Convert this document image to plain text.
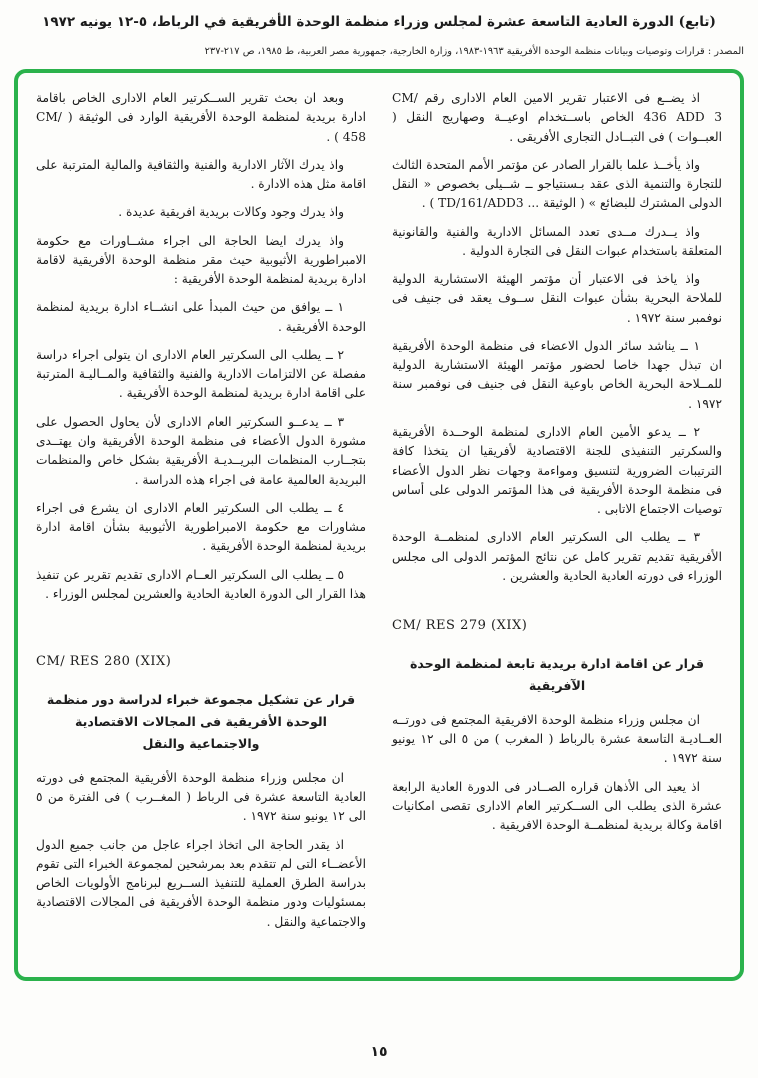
(تابع) الدورة العادية التاسعة عشرة لمجلس وزراء منظمة الوحدة الأفريقية في الرباط، ٥-١٢ يونيه ١٩٧٢
المصدر : قرارات وتوصيات وبيانات منظمة الوحدة الأفريقية ١٩٦٣-١٩٨٣، وزارة الخارجية، جمهورية مصر العربية، ط ١٩٨٥، ص ٢١٧-٢٣٧

اذ يضــع فى الاعتبار تقرير الامين العام الادارى رقم CM/ 436 ADD 3 الخاص باســتخدام اوعيــة وصهاريج النقل ( العبــوات ) فى التبــادل التجارى الأفريقى .

واذ يأخــذ علما بالقرار الصادر عن مؤتمر الأمم المتحدة الثالث للتجارة والتنمية الذى عقد بـسنتياجو ــ شــيلى بخصوص « النقل الدولى المشترك للبضائع » ( الوثيقة ... TD/161/ADD3 ) .

واذ يــدرك مــدى تعدد المسائل الادارية والفنية والقانونية المتعلقة باستخدام عبوات النقل فى التجارة الدولية .

واذ ياخذ فى الاعتبار أن مؤتمر الهيئة الاستشارية الدولية للملاحة البحرية بشأن عبوات النقل ســوف يعقد فى جنيف فى نوفمبر سنة ١٩٧٢ .

١ ــ يناشد سائر الدول الاعضاء فى منظمة الوحدة الأفريقية ان تبذل جهدا خاصا لحضور مؤتمر الهيئة الاستشارية الدولية للمــلاحة البحرية الخاص باوعية النقل فى جنيف فى نوفمبر سنة ١٩٧٢ .

٢ ــ يدعو الأمين العام الادارى لمنظمة الوحــدة الأفريقية والسكرتير التنفيذى للجنة الاقتصادية لأفريقيا ان يتخذا كافة الترتيبات الضرورية لتنسيق ومواءمة وجهات نظر الدول الأعضاء فى منظمة الوحدة الأفريقية فى هذا المؤتمر الدولى على أساس توصيات الاجتماع الاتابى .

٣ ــ يطلب الى السكرتير العام الادارى لمنظمــة الوحدة الأفريقية تقديم تقرير كامل عن نتائج المؤتمر الدولى الى مجلس الوزراء فى دورته العادية الحادية والعشرين .

CM/ RES 279 (XIX)
قرار عن اقامة ادارة بريدية تابعة لمنظمة الوحدة الآفريقية

ان مجلس وزراء منظمة الوحدة الافريقية المجتمع فى دورتــه العــاديـة التاسعة عشرة بالرباط ( المغرب ) من ٥ الى ١٢ يونيو سنة ١٩٧٢ .

اذ يعيد الى الأذهان قراره الصــادر فى الدورة العادية الرابعة عشرة الذى يطلب الى الســكرتير العام الادارى تقصى امكانيات اقامة وكالة بريدية لمنظمــة الوحدة الافريقية .

وبعد ان بحث تقرير الســكرتير العام الادارى الخاص باقامة ادارة بريدية لمنظمة الوحدة الأفريقية الوارد فى الوثيقة ( CM/ 458 ) .

واذ يدرك الآثار الادارية والفنية والثقافية والمالية المترتبة على اقامة مثل هذه الادارة .

واذ يدرك وجود وكالات بريدية افريقية عديدة .

واذ يدرك ايضا الحاجة الى اجراء مشــاورات مع حكومة الامبراطورية الأثيوبية حيث مقر منظمة الوحدة الأفريقية لاقامة ادارة بريدية لمنظمة الوحدة الأفريقية :

١ ــ يوافق من حيث المبدأ على انشــاء ادارة بريدية لمنظمة الوحدة الأفريقية .

٢ ــ يطلب الى السكرتير العام الادارى ان يتولى اجراء دراسة مفصلة عن الالتزامات الادارية والفنية والثقافية والمــاليـة المترتبة على اقامة ادارة بريدية لمنظمة الوحدة الأفريقية .

٣ ــ يدعــو السكرتير العام الادارى لأن يحاول الحصول على مشورة الدول الأعضاء فى منظمة الوحدة الأفريقية وان يهتــدى بتجــارب المنظمات البريــديـة الأفريقية بشكل خاص والمنظمات البريدية العالمية عامة فى اجراء هذه الدراسة .

٤ ــ يطلب الى السكرتير العام الادارى ان يشرع فى اجراء مشاورات مع حكومة الامبراطورية الأثيوبية بشأن اقامة ادارة بريدية لمنظمة الوحدة الأفريقية .

٥ ــ يطلب الى السكرتير العــام الادارى تقديم تقرير عن تنفيذ هذا القرار الى الدورة العادية الحادية والعشرين لمجلس الوزراء .

CM/ RES 280 (XIX)
قرار عن تشكيل مجموعة خبراء لدراسة دور منظمة الوحدة الأفريقية فى المجالات الاقتصادية والاجتماعية والنقل

ان مجلس وزراء منظمة الوحدة الأفريقية المجتمع فى دورته العادية التاسعة عشرة فى الرباط ( المغــرب ) فى الفترة من ٥ الى ١٢ يونيو سنة ١٩٧٢ .

اذ يقدر الحاجة الى اتخاذ اجراء عاجل من جانب جميع الدول الأعضــاء التى لم تتقدم بعد بمرشحين لمجموعة الخبراء التى تقوم بدراسة الطرق العملية للتنفيذ الســريع لبرنامج الأولويات الخاص بمسئوليات ودور منظمة الوحدة الأفريقية فى المجالات الاقتصادية والاجتماعية والنقل .

١٥
